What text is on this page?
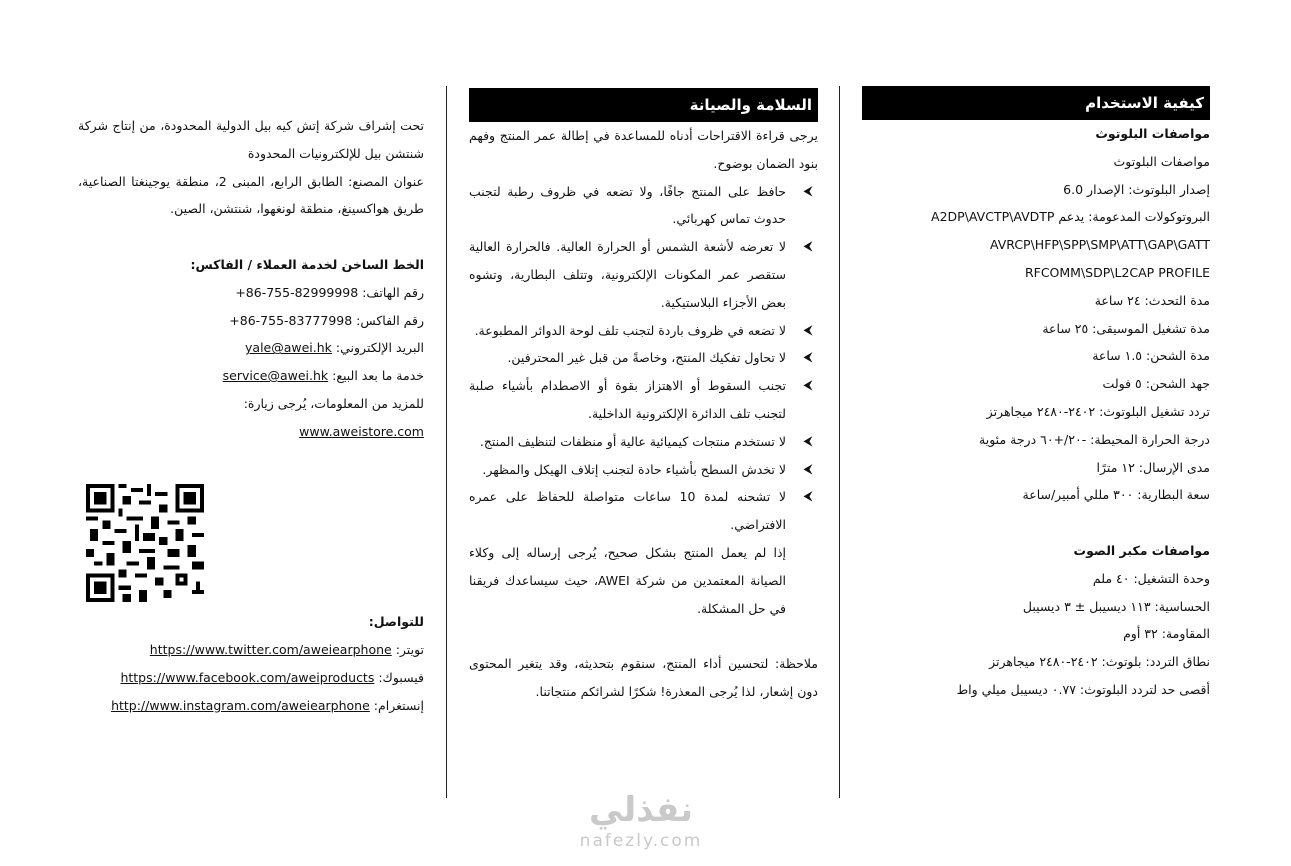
كيفية الاستخدام
مواصفات البلوتوث
مواصفات البلوتوث
إصدار البلوتوث: الإصدار 6.0
البروتوكولات المدعومة: يدعم A2DP\AVCTP\AVDTP
AVRCP\HFP\SPP\SMP\ATT\GAP\GATT
RFCOMM\SDP\L2CAP PROFILE
مدة التحدث: ٢٤ ساعة
مدة تشغيل الموسيقى: ٢٥ ساعة
مدة الشحن: ١.٥ ساعة
جهد الشحن: ٥ فولت
تردد تشغيل البلوتوث: ٢٤٠٢-٢٤٨٠ ميجاهرتز
درجة الحرارة المحيطة: -٢٠/+٦٠ درجة مئوية
مدى الإرسال: ١٢ مترًا
سعة البطارية: ٣٠٠ مللي أمبير/ساعة
مواصفات مكبر الصوت
وحدة التشغيل: ٤٠ ملم
الحساسية: ١١٣ ديسيبل ± ٣ ديسيبل
المقاومة: ٣٢ أوم
نطاق التردد: بلوتوث: ٢٤٠٢-٢٤٨٠ ميجاهرتز
أقصى حد لتردد البلوتوث: ٠.٧٧ ديسيبل ميلي واط
السلامة والصيانة
يرجى قراءة الاقتراحات أدناه للمساعدة في إطالة عمر المنتج وفهم بنود الضمان بوضوح.
⮜
حافظ على المنتج جافًا، ولا تضعه في ظروف رطبة لتجنب حدوث تماس كهربائي.
⮜
لا تعرضه لأشعة الشمس أو الحرارة العالية. فالحرارة العالية ستقصر عمر المكونات الإلكترونية، وتتلف البطارية، وتشوه بعض الأجزاء البلاستيكية.
⮜
لا تضعه في ظروف باردة لتجنب تلف لوحة الدوائر المطبوعة.
⮜
لا تحاول تفكيك المنتج، وخاصةً من قبل غير المحترفين.
⮜
تجنب السقوط أو الاهتزاز بقوة أو الاصطدام بأشياء صلبة لتجنب تلف الدائرة الإلكترونية الداخلية.
⮜
لا تستخدم منتجات كيميائية عالية أو منظفات لتنظيف المنتج.
⮜
لا تخدش السطح بأشياء حادة لتجنب إتلاف الهيكل والمظهر.
⮜
لا تشحنه لمدة 10 ساعات متواصلة للحفاظ على عمره الافتراضي.
إذا لم يعمل المنتج بشكل صحيح، يُرجى إرساله إلى وكلاء الصيانة المعتمدين من شركة AWEI، حيث سيساعدك فريقنا في حل المشكلة.
ملاحظة: لتحسين أداء المنتج، سنقوم بتحديثه، وقد يتغير المحتوى دون إشعار، لذا يُرجى المعذرة! شكرًا لشرائكم منتجاتنا.
تحت إشراف شركة إتش كيه بيل الدولية المحدودة، من إنتاج شركة شنتشن بيل للإلكترونيات المحدودة
عنوان المصنع: الطابق الرابع، المبنى 2، منطقة يوجينغتا الصناعية، طريق هواكسينغ، منطقة لونغهوا، شنتشن، الصين.
الخط الساخن لخدمة العملاء / الفاكس:
رقم الهاتف: +86-755-82999998
رقم الفاكس: +86-755-83777998
البريد الإلكتروني: yale@awei.hk
خدمة ما بعد البيع: service@awei.hk
للمزيد من المعلومات، يُرجى زيارة:
www.aweistore.com
للتواصل:
تويتر: https://www.twitter.com/aweiearphone
فيسبوك: https://www.facebook.com/aweiproducts
إنستغرام: http://www.instagram.com/aweiearphone
نفذلي
nafezly.com
